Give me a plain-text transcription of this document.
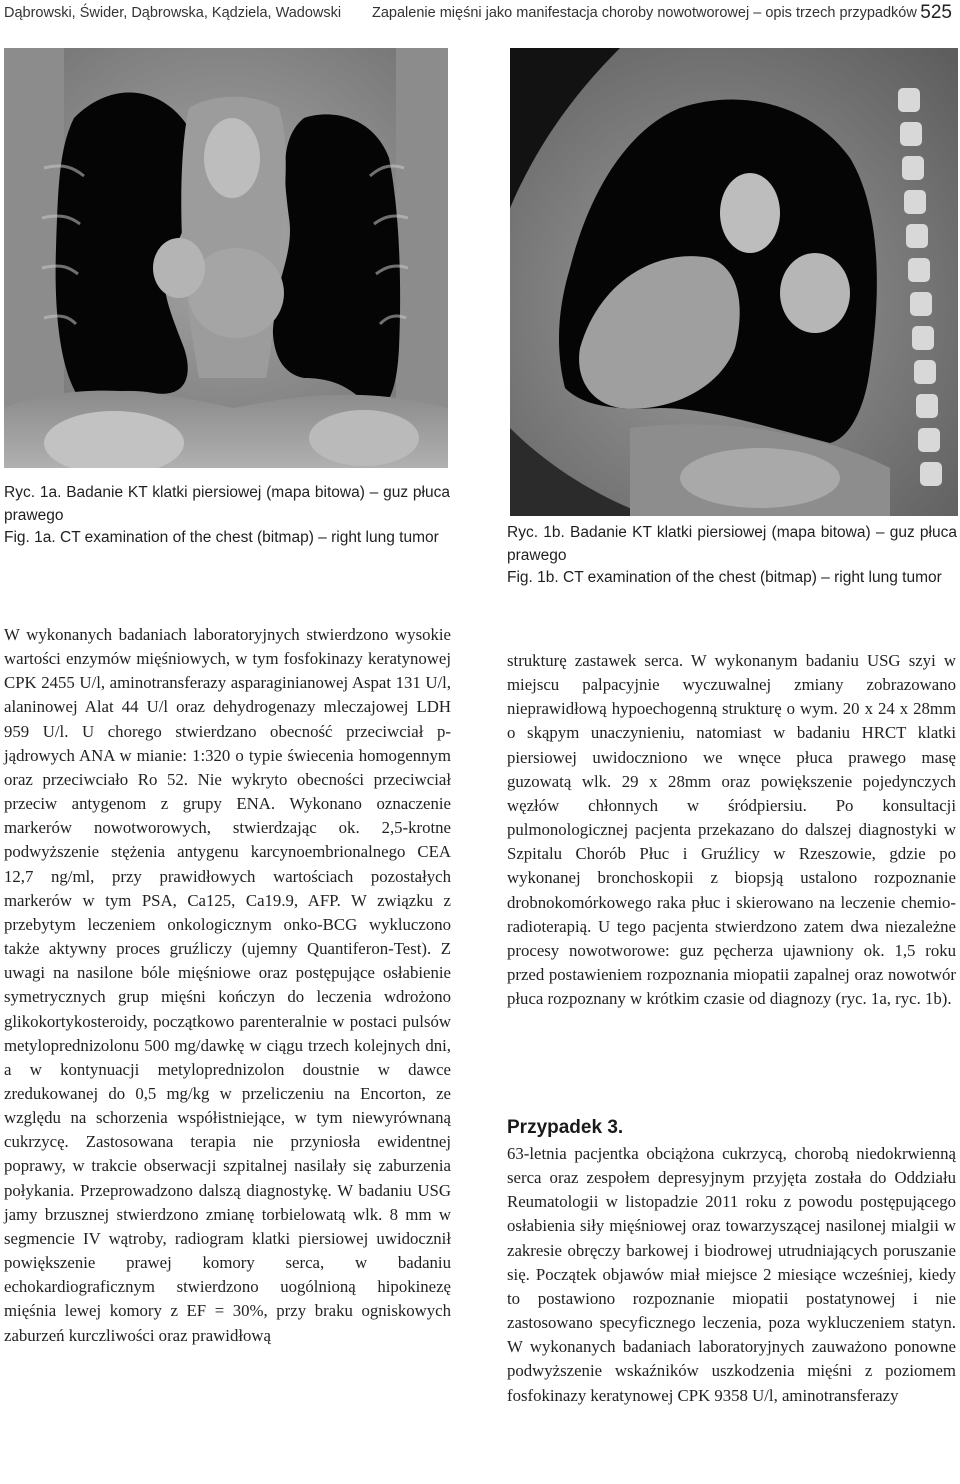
Dąbrowski, Świder, Dąbrowska, Kądziela, Wadowski Zapalenie mięśni jako manifestacja choroby nowotworowej – opis trzech przypadków 525

Ryc. 1a. Badanie KT klatki piersiowej (mapa bitowa) – guz płuca prawego

Fig. 1a. CT examination of the chest (bitmap) – right lung tumor	Ryc. 1b. Badanie KT klatki piersiowej (mapa bitowa) – guz płuca prawego

Fig. 1b. CT examination of the chest (bitmap) – right lung tumor

W wykonanych badaniach laboratoryjnych stwierdzono wysokie wartości enzymów mięśniowych, w tym fosfokinazy keratynowej CPK 2455 U/l, aminotransferazy asparaginianowej Aspat 131 U/l, alaninowej Alat 44 U/l oraz dehydrogenazy mleczajowej LDH 959 U/l. U chorego stwierdzano obecność przeciwciał p-jądrowych ANA w mianie: 1:320 o typie świecenia homogennym oraz przeciwciało Ro 52. Nie wykryto obecności przeciwciał przeciw antygenom z grupy ENA. Wykonano oznaczenie markerów nowotworowych, stwierdzając ok. 2,5-krotne podwyższenie stężenia antygenu karcynoembrionalnego CEA 12,7 ng/ml, przy prawidłowych wartościach pozostałych markerów w tym PSA, Ca125, Ca19.9, AFP. W związku z przebytym leczeniem onkologicznym onko-BCG wykluczono także aktywny proces gruźliczy (ujemny Quantiferon-Test). Z uwagi na nasilone bóle mięśniowe oraz postępujące osłabienie symetrycznych grup mięśni kończyn do leczenia wdrożono glikokortykosteroidy, początkowo parenteralnie w postaci pulsów metyloprednizolonu 500 mg/dawkę w ciągu trzech kolejnych dni, a w kontynuacji metyloprednizolon doustnie w dawce zredukowanej do 0,5 mg/kg w przeliczeniu na Encorton, ze względu na schorzenia współistniejące, w tym niewyrównaną cukrzycę. Zastosowana terapia nie przyniosła ewidentnej poprawy, w trakcie obserwacji szpitalnej nasilały się zaburzenia połykania. Przeprowadzono dalszą diagnostykę. W badaniu USG jamy brzusznej stwierdzono zmianę torbielowatą wlk. 8 mm w segmencie IV wątroby, radiogram klatki piersiowej uwidocznił powiększenie prawej komory serca, w badaniu echokardiograficznym stwierdzono uogólnioną hipokinezę mięśnia lewej komory z EF = 30%, przy braku ogniskowych zaburzeń kurczliwości oraz prawidłową
strukturę zastawek serca. W wykonanym badaniu USG szyi w miejscu palpacyjnie wyczuwalnej zmiany zobrazowano nieprawidłową hypoechogenną strukturę o wym. 20 x 24 x 28mm o skąpym unaczynieniu, natomiast w badaniu HRCT klatki piersiowej uwidoczniono we wnęce płuca prawego masę guzowatą wlk. 29 x 28mm oraz powiększenie pojedynczych węzłów chłonnych w śródpiersiu. Po konsultacji pulmonologicznej pacjenta przekazano do dalszej diagnostyki w Szpitalu Chorób Płuc i Gruźlicy w Rzeszowie, gdzie po wykonanej bronchoskopii z biopsją ustalono rozpoznanie drobnokomórkowego raka płuc i skierowano na leczenie chemio-radioterapią. U tego pacjenta stwierdzono zatem dwa niezależne procesy nowotworowe: guz pęcherza ujawniony ok. 1,5 roku przed postawieniem rozpoznania miopatii zapalnej oraz nowotwór płuca rozpoznany w krótkim czasie od diagnozy (ryc. 1a, ryc. 1b).
Przypadek 3.
63-letnia pacjentka obciążona cukrzycą, chorobą niedokrwienną serca oraz zespołem depresyjnym przyjęta została do Oddziału Reumatologii w listopadzie 2011 roku z powodu postępującego osłabienia siły mięśniowej oraz towarzyszącej nasilonej mialgii w zakresie obręczy barkowej i biodrowej utrudniających poruszanie się. Początek objawów miał miejsce 2 miesiące wcześniej, kiedy to postawiono rozpoznanie miopatii postatynowej i nie zastosowano specyficznego leczenia, poza wykluczeniem statyn. W wykonanych badaniach laboratoryjnych zauważono ponowne podwyższenie wskaźników uszkodzenia mięśni z poziomem fosfokinazy keratynowej CPK 9358 U/l, aminotransferazy
